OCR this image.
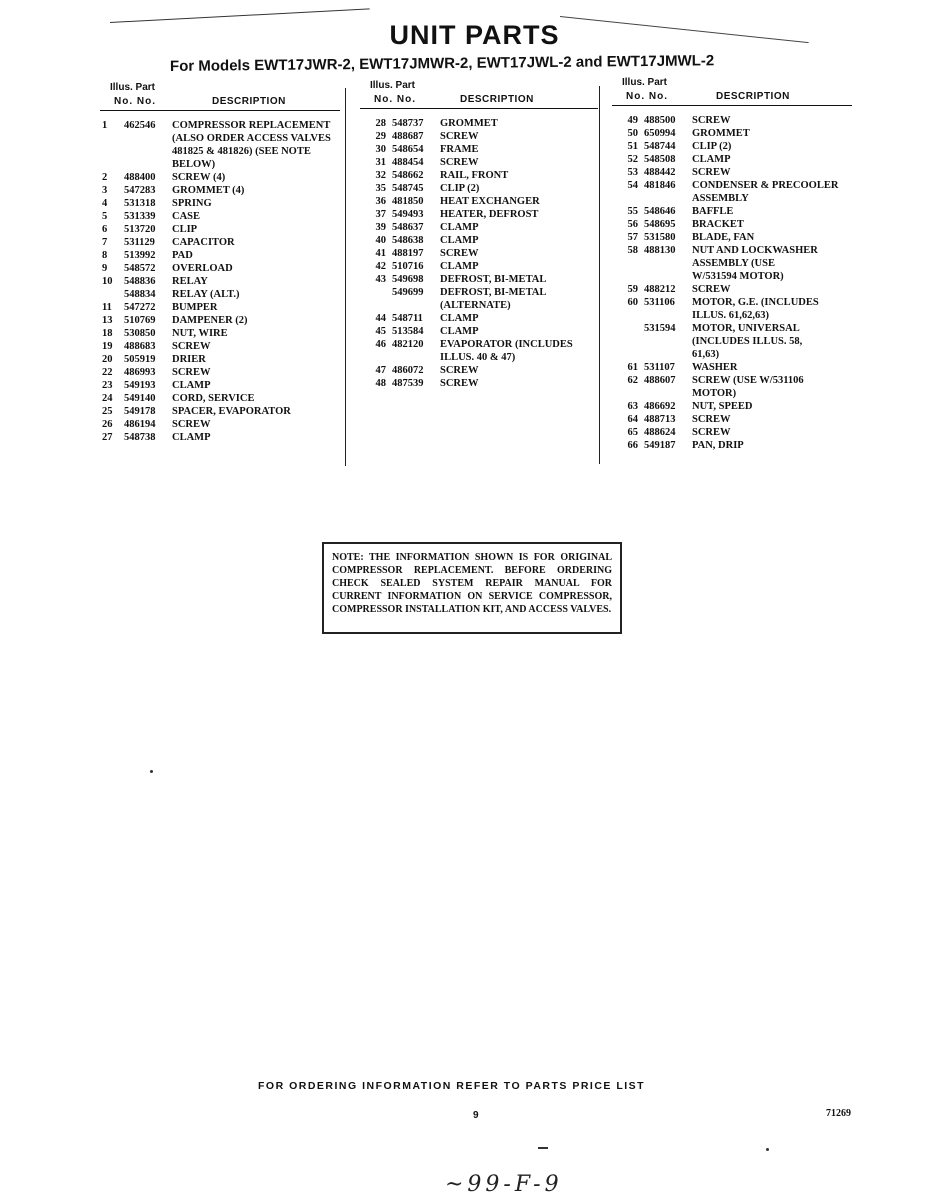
UNIT PARTS
For Models EWT17JWR-2, EWT17JMWR-2, EWT17JWL-2 and EWT17JMWL-2
Illus. Part
No. No.	DESCRIPTION
1	462546	COMPRESSOR REPLACEMENT
(ALSO ORDER ACCESS VALVES
481825 & 481826) (SEE NOTE
BELOW)
2	488400	SCREW (4)
3	547283	GROMMET (4)
4	531318	SPRING
5	531339	CASE
6	513720	CLIP
7	531129	CAPACITOR
8	513992	PAD
9	548572	OVERLOAD
10	548836	RELAY
548834	RELAY (ALT.)
11	547272	BUMPER
13	510769	DAMPENER (2)
18	530850	NUT, WIRE
19	488683	SCREW
20	505919	DRIER
22	486993	SCREW
23	549193	CLAMP
24	549140	CORD, SERVICE
25	549178	SPACER, EVAPORATOR
26	486194	SCREW
27	548738	CLAMP
Illus. Part
No. No.	DESCRIPTION
28 548737	GROMMET
29 488687	SCREW
30 548654	FRAME
31 488454	SCREW
32 548662	RAIL, FRONT
35 548745	CLIP (2)
36 481850	HEAT EXCHANGER
37 549493	HEATER, DEFROST
39 548637	CLAMP
40 548638	CLAMP
41 488197	SCREW
42 510716	CLAMP
43 549698	DEFROST, BI-METAL
549699	DEFROST, BI-METAL
(ALTERNATE)
44 548711	CLAMP
45 513584	CLAMP
46 482120	EVAPORATOR (INCLUDES
ILLUS. 40 & 47)
47 486072	SCREW
48 487539	SCREW
Illus. Part
No. No.	DESCRIPTION
49 488500	SCREW
50 650994	GROMMET
51 548744	CLIP (2)
52 548508	CLAMP
53 488442	SCREW
54 481846	CONDENSER & PRECOOLER
ASSEMBLY
55 548646	BAFFLE
56 548695	BRACKET
57 531580	BLADE, FAN
58 488130	NUT AND LOCKWASHER
ASSEMBLY (USE
W/531594 MOTOR)
59 488212	SCREW
60 531106	MOTOR, G.E. (INCLUDES
ILLUS. 61,62,63)
531594	MOTOR, UNIVERSAL
(INCLUDES ILLUS. 58,
61,63)
61 531107	WASHER
62 488607	SCREW (USE W/531106
MOTOR)
63 486692	NUT, SPEED
64 488713	SCREW
65 488624	SCREW
66 549187	PAN, DRIP
NOTE: THE INFORMATION SHOWN IS FOR ORIGINAL COMPRESSOR REPLACEMENT. BEFORE ORDERING CHECK SEALED SYSTEM REPAIR MANUAL FOR CURRENT INFORMATION ON SERVICE COMPRESSOR, COMPRESSOR INSTALLATION KIT, AND ACCESS VALVES.
FOR ORDERING INFORMATION REFER TO PARTS PRICE LIST
9	71269
~99-F-9
